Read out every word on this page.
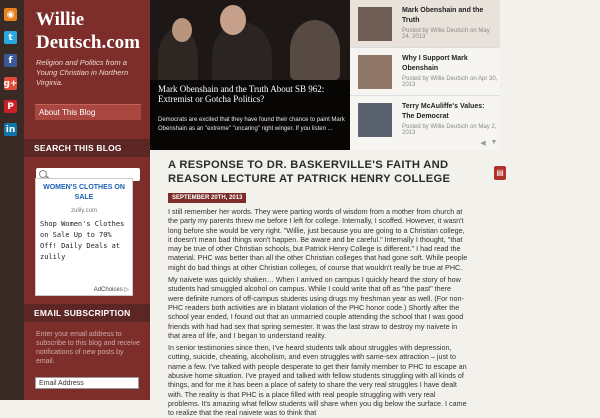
◉
t
f
g+
P
in
Willie
Deutsch.com
Religion and Politics from a Young Christian in Northern Virginia.
About This Blog
SEARCH THIS BLOG
WOMEN'S CLOTHES ON SALE
zulily.com
Shop Women's Clothes on Sale Up to 70% Off! Daily Deals at zulily
AdChoices ▷
EMAIL SUBSCRIPTION
Enter your email address to subscribe to this blog and receive notifications of new posts by email.
Email Address
Mark Obenshain and the Truth About SB 962: Extremist or Gotcha Politics?
Democrats are excited that they have found their chance to paint Mark Obenshain as an "extreme" "uncaring" right winger. If you listen ...
Mark Obenshain and the Truth
Posted by Willie Deutsch on May 24, 2013
Why I Support Mark Obenshain
Posted by Willie Deutsch on Apr 30, 2013
Terry McAuliffe's Values: The Democrat
Posted by Willie Deutsch on May 2, 2013
◀ ▼
▤
A RESPONSE TO DR. BASKERVILLE'S FAITH AND REASON LECTURE AT PATRICK HENRY COLLEGE
SEPTEMBER 20TH, 2013
I still remember her words. They were parting words of wisdom from a mother from church at the party my parents threw me before I left for college. Internally, I scoffed. However, it wasn't long before she would be very right. "Willie, just because you are going to a Christian college, it doesn't mean bad things won't happen. Be aware and be careful." Internally I thought, "that may be true of other Christian schools, but Patrick Henry College is different." I had read the material. PHC was better than all the other Christian colleges that had gone soft. While people might do bad things at other Christian colleges, of course that wouldn't really be true at PHC.
My naivete was quickly shaken… When I arrived on campus I quickly heard the story of how students had smuggled alcohol on campus. While I could write that off as "the past" there were definite rumors of off-campus students using drugs my freshman year as well. (For non-PHC readers both activities are in blatant violation of the PHC honor code.) Shortly after the school year ended, I found out that an unmarried couple attending the school that I was good friends with had had sex that spring semester. It was the last straw to destroy my naivete in that area of life, and I began to understand reality.
In senior testimonies since then, I've heard students talk about struggles with depression, cutting, suicide, cheating, alcoholism, and even struggles with same-sex attraction – just to name a few. I've talked with people desperate to get their family member to PHC to escape an abusive home situation. I've prayed and talked with fellow students struggling with all kinds of things, and for me it has been a place of safety to share the very real struggles I have dealt with. The reality is that PHC is a place filled with real people struggling with very real problems. It's amazing what fellow students will share when you dig below the surface. I came to realize that the real naivete was to think that
